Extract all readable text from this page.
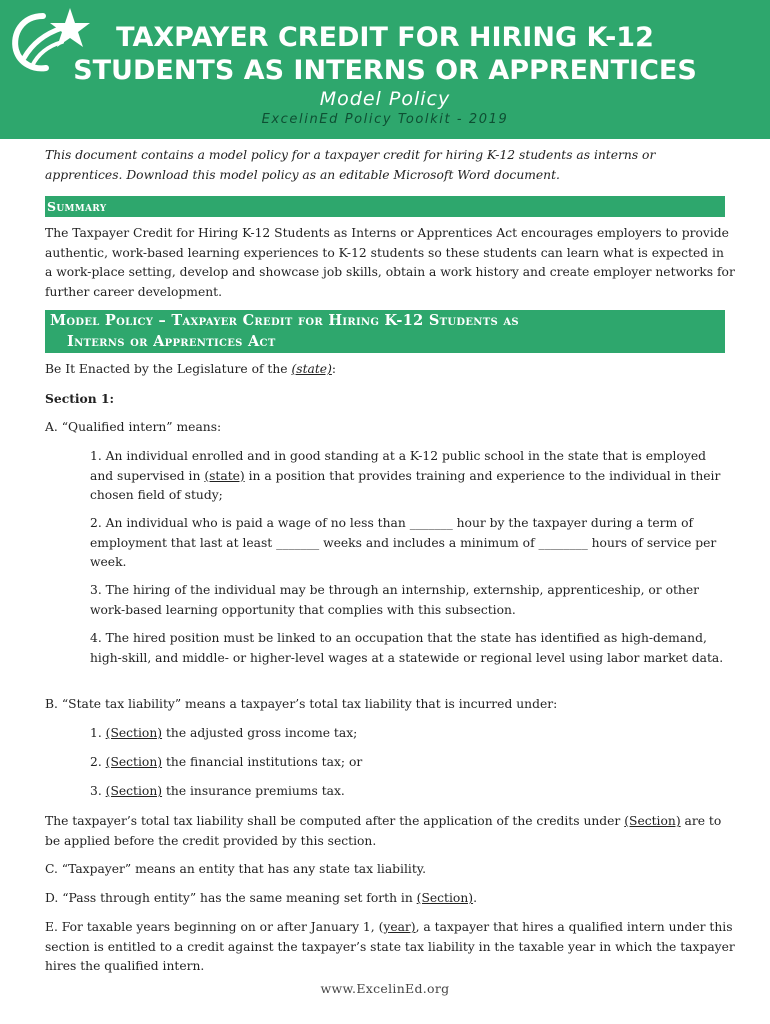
TAXPAYER CREDIT FOR HIRING K-12
STUDENTS AS INTERNS OR APPRENTICES
Model Policy
ExcelinEd Policy Toolkit - 2019
This document contains a model policy for a taxpayer credit for hiring K-12 students as interns or apprentices. Download this model policy as an editable Microsoft Word document.
Summary
The Taxpayer Credit for Hiring K-12 Students as Interns or Apprentices Act encourages employers to provide authentic, work-based learning experiences to K-12 students so these students can learn what is expected in a work-place setting, develop and showcase job skills, obtain a work history and create employer networks for further career development.
Model Policy – Taxpayer Credit for Hiring K-12 Students as
Interns or Apprentices Act
Be It Enacted by the Legislature of the (state):
Section 1:
A. “Qualified intern” means:
1. An individual enrolled and in good standing at a K-12 public school in the state that is employed and supervised in (state) in a position that provides training and experience to the individual in their chosen field of study;
2. An individual who is paid a wage of no less than _______ hour by the taxpayer during a term of employment that last at least _______ weeks and includes a minimum of ________ hours of service per week.
3. The hiring of the individual may be through an internship, externship, apprenticeship, or other work-based learning opportunity that complies with this subsection.
4. The hired position must be linked to an occupation that the state has identified as high-demand, high-skill, and middle- or higher-level wages at a statewide or regional level using labor market data.
B. “State tax liability” means a taxpayer’s total tax liability that is incurred under:
1. (Section) the adjusted gross income tax;
2. (Section) the financial institutions tax; or
3. (Section) the insurance premiums tax.
The taxpayer’s total tax liability shall be computed after the application of the credits under (Section) are to be applied before the credit provided by this section.
C. “Taxpayer” means an entity that has any state tax liability.
D. “Pass through entity” has the same meaning set forth in (Section).
E. For taxable years beginning on or after January 1, (year), a taxpayer that hires a qualified intern under this section is entitled to a credit against the taxpayer’s state tax liability in the taxable year in which the taxpayer hires the qualified intern.
www.ExcelinEd.org
